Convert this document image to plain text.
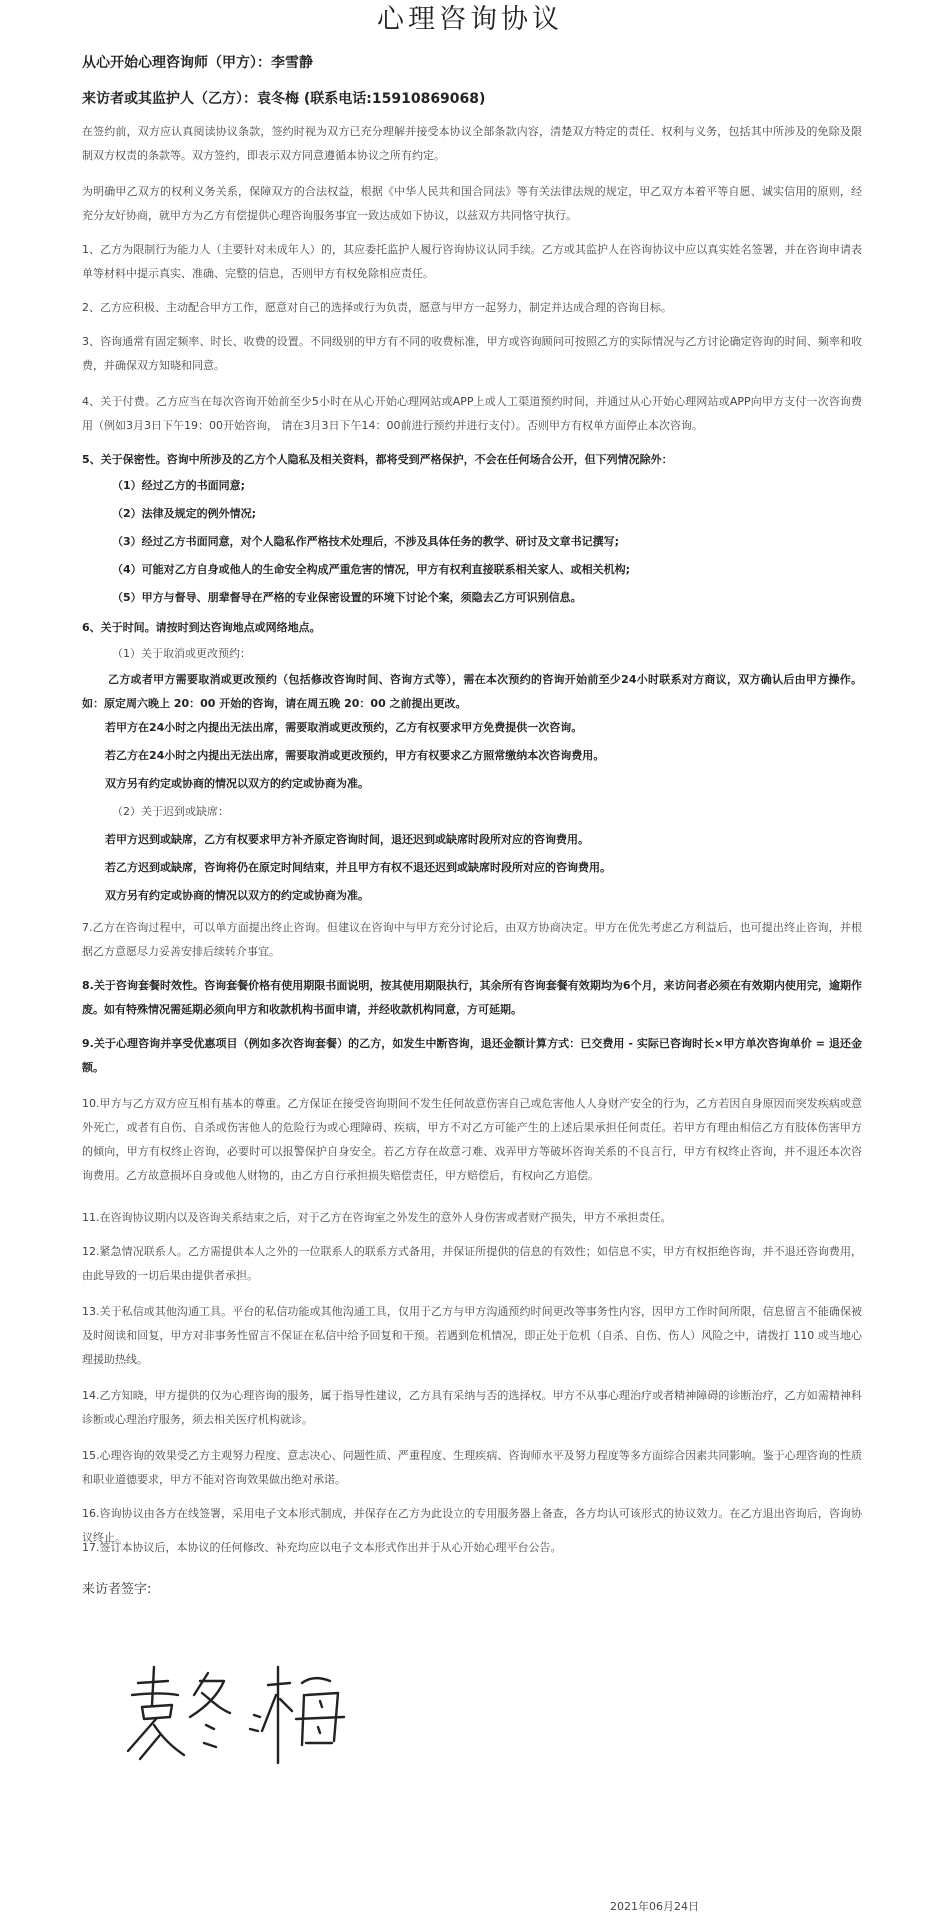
心理咨询协议
从心开始心理咨询师（甲方）：李雪静
来访者或其监护人（乙方）：袁冬梅 (联系电话:15910869068)
在签约前，双方应认真阅读协议条款，签约时视为双方已充分理解并接受本协议全部条款内容，清楚双方特定的责任、权利与义务，包括其中所涉及的免除及限制双方权责的条款等。双方签约，即表示双方同意遵循本协议之所有约定。
为明确甲乙双方的权利义务关系，保障双方的合法权益，根据《中华人民共和国合同法》等有关法律法规的规定，甲乙双方本着平等自愿、诚实信用的原则，经充分友好协商，就甲方为乙方有偿提供心理咨询服务事宜一致达成如下协议，以兹双方共同恪守执行。
1、乙方为限制行为能力人（主要针对未成年人）的，其应委托监护人履行咨询协议认同手续。乙方或其监护人在咨询协议中应以真实姓名签署，并在咨询申请表单等材料中提示真实、准确、完整的信息，否则甲方有权免除相应责任。
2、乙方应积极、主动配合甲方工作，愿意对自己的选择或行为负责，愿意与甲方一起努力，制定并达成合理的咨询目标。
3、咨询通常有固定频率、时长、收费的设置。不同级别的甲方有不同的收费标准，甲方或咨询顾问可按照乙方的实际情况与乙方讨论确定咨询的时间、频率和收费，并确保双方知晓和同意。
4、关于付费。乙方应当在每次咨询开始前至少5小时在从心开始心理网站或APP上或人工渠道预约时间，并通过从心开始心理网站或APP向甲方支付一次咨询费用（例如3月3日下午19：00开始咨询， 请在3月3日下午14：00前进行预约并进行支付）。否则甲方有权单方面停止本次咨询。
5、关于保密性。咨询中所涉及的乙方个人隐私及相关资料，都将受到严格保护，不会在任何场合公开，但下列情况除外：
（1）经过乙方的书面同意;
（2）法律及规定的例外情况;
（3）经过乙方书面同意，对个人隐私作严格技术处理后，不涉及具体任务的教学、研讨及文章书记撰写;
（4）可能对乙方自身或他人的生命安全构成严重危害的情况，甲方有权利直接联系相关家人、或相关机构;
（5）甲方与督导、朋辈督导在严格的专业保密设置的环境下讨论个案，须隐去乙方可识别信息。
6、关于时间。请按时到达咨询地点或网络地点。
（1）关于取消或更改预约：
乙方或者甲方需要取消或更改预约（包括修改咨询时间、咨询方式等），需在本次预约的咨询开始前至少24小时联系对方商议，双方确认后由甲方操作。如：原定周六晚上 20：00 开始的咨询，请在周五晚 20：00 之前提出更改。
若甲方在24小时之内提出无法出席，需要取消或更改预约，乙方有权要求甲方免费提供一次咨询。
若乙方在24小时之内提出无法出席，需要取消或更改预约，甲方有权要求乙方照常缴纳本次咨询费用。
双方另有约定或协商的情况以双方的约定或协商为准。
（2）关于迟到或缺席：
若甲方迟到或缺席，乙方有权要求甲方补齐原定咨询时间，退还迟到或缺席时段所对应的咨询费用。
若乙方迟到或缺席，咨询将仍在原定时间结束，并且甲方有权不退还迟到或缺席时段所对应的咨询费用。
双方另有约定或协商的情况以双方的约定或协商为准。
7.乙方在咨询过程中，可以单方面提出终止咨询。但建议在咨询中与甲方充分讨论后，由双方协商决定。甲方在优先考虑乙方利益后，也可提出终止咨询，并根据乙方意愿尽力妥善安排后续转介事宜。
8.关于咨询套餐时效性。咨询套餐价格有使用期限书面说明，按其使用期限执行，其余所有咨询套餐有效期均为6个月，来访问者必须在有效期内使用完，逾期作废。如有特殊情况需延期必须向甲方和收款机构书面申请，并经收款机构同意，方可延期。
9.关于心理咨询并享受优惠项目（例如多次咨询套餐）的乙方，如发生中断咨询，退还金额计算方式：已交费用 - 实际已咨询时长×甲方单次咨询单价 = 退还金额。
10.甲方与乙方双方应互相有基本的尊重。乙方保证在接受咨询期间不发生任何故意伤害自己或危害他人人身财产安全的行为，乙方若因自身原因而突发疾病或意外死亡，或者有自伤、自杀或伤害他人的危险行为或心理障碍、疾病，甲方不对乙方可能产生的上述后果承担任何责任。若甲方有理由相信乙方有肢体伤害甲方的倾向，甲方有权终止咨询，必要时可以报警保护自身安全。若乙方存在故意刁难、戏弄甲方等破坏咨询关系的不良言行，甲方有权终止咨询，并不退还本次咨询费用。乙方故意损坏自身或他人财物的，由乙方自行承担损失赔偿责任，甲方赔偿后，有权向乙方追偿。
11.在咨询协议期内以及咨询关系结束之后，对于乙方在咨询室之外发生的意外人身伤害或者财产损失，甲方不承担责任。
12.紧急情况联系人。乙方需提供本人之外的一位联系人的联系方式备用，并保证所提供的信息的有效性；如信息不实，甲方有权拒绝咨询，并不退还咨询费用，由此导致的一切后果由提供者承担。
13.关于私信或其他沟通工具。平台的私信功能或其他沟通工具，仅用于乙方与甲方沟通预约时间更改等事务性内容，因甲方工作时间所限，信息留言不能确保被及时阅读和回复，甲方对非事务性留言不保证在私信中给予回复和干预。若遇到危机情况，即正处于危机（自杀、自伤、伤人）风险之中，请拨打 110 或当地心理援助热线。
14.乙方知晓，甲方提供的仅为心理咨询的服务，属于指导性建议，乙方具有采纳与否的选择权。甲方不从事心理治疗或者精神障碍的诊断治疗，乙方如需精神科诊断或心理治疗服务，须去相关医疗机构就诊。
15.心理咨询的效果受乙方主观努力程度、意志决心、问题性质、严重程度、生理疾病、咨询师水平及努力程度等多方面综合因素共同影响。鉴于心理咨询的性质和职业道德要求，甲方不能对咨询效果做出绝对承诺。
16.咨询协议由各方在线签署，采用电子文本形式制成，并保存在乙方为此设立的专用服务器上备查，各方均认可该形式的协议效力。在乙方退出咨询后，咨询协议终止。
17.签订本协议后，本协议的任何修改、补充均应以电子文本形式作出并于从心开始心理平台公告。
来访者签字:
2021年06月24日
